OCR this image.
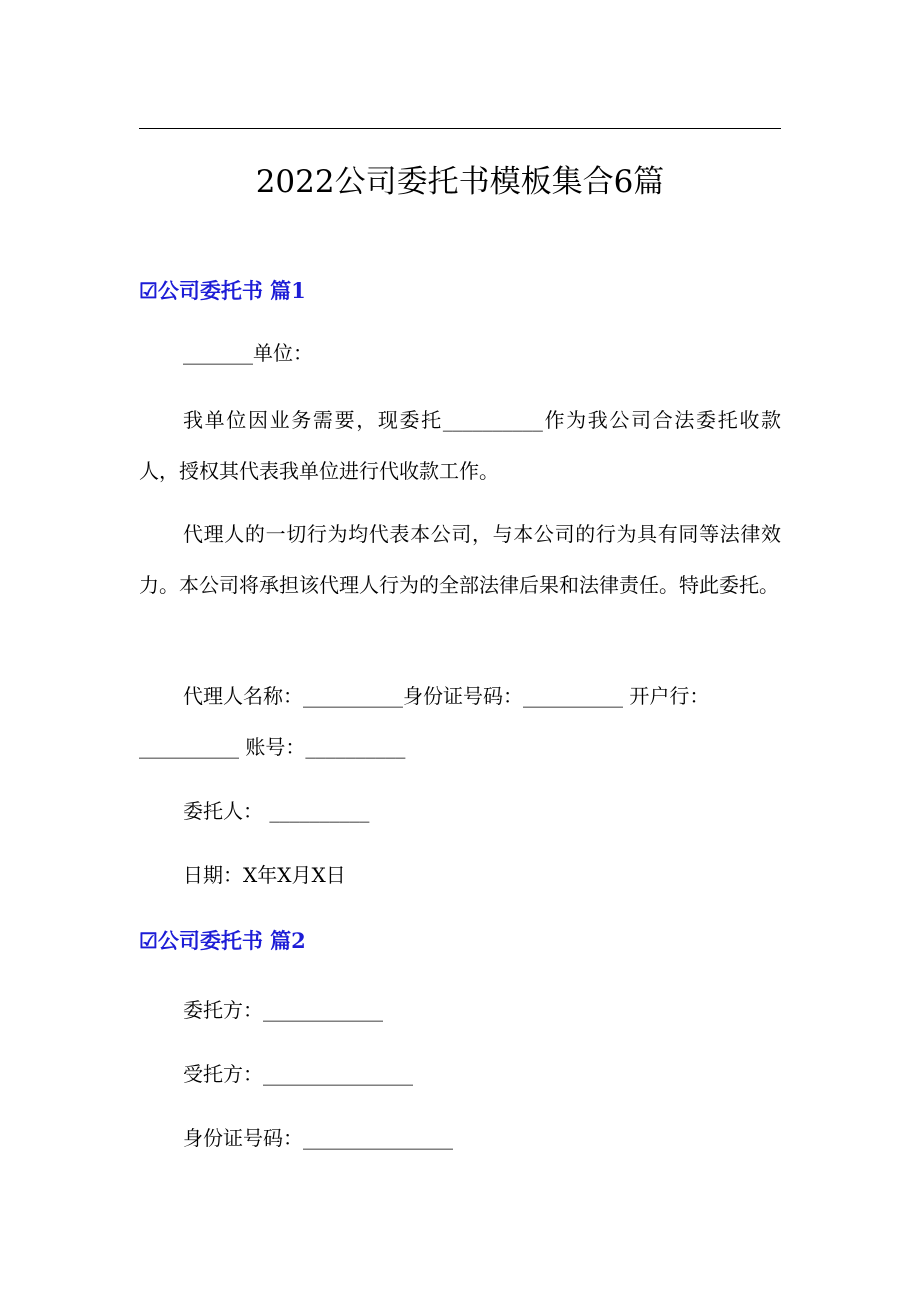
2022公司委托书模板集合6篇
☑公司委托书 篇1
_______单位：

我单位因业务需要，现委托__________作为我公司合法委托收款人，授权其代表我单位进行代收款工作。

代理人的一切行为均代表本公司，与本公司的行为具有同等法律效力。本公司将承担该代理人行为的全部法律后果和法律责任。特此委托。

代理人名称：__________身份证号码：__________ 开户行：
__________ 账号：__________
委托人： __________
日期：X年X月X日
☑公司委托书 篇2
委托方：____________
受托方：_______________
身份证号码：_______________
